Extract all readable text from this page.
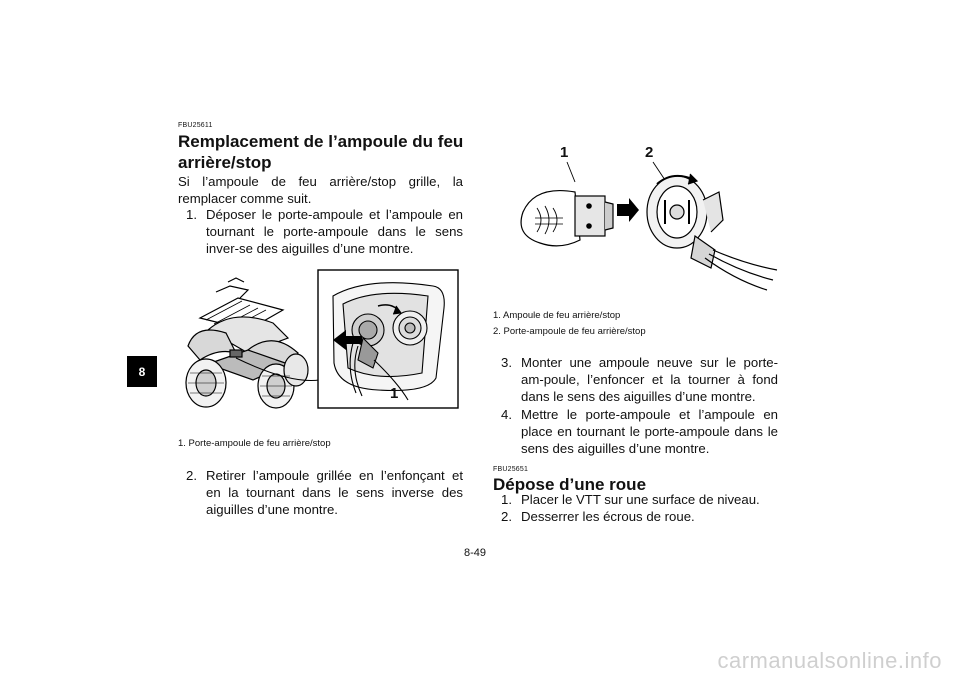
8
FBU25611
Remplacement de l’ampoule du feu
arrière/stop
Si l’ampoule de feu arrière/stop grille, la remplacer comme suit.
1. Déposer le porte-ampoule et l’ampoule en tournant le porte-ampoule dans le sens inver-se des aiguilles d’une montre.
1
1. Porte-ampoule de feu arrière/stop
2. Retirer l’ampoule grillée en l’enfonçant et en la tournant dans le sens inverse des aiguilles d’une montre.
1	2
1. Ampoule de feu arrière/stop
2. Porte-ampoule de feu arrière/stop
3. Monter une ampoule neuve sur le porte-am-poule, l’enfoncer et la tourner à fond dans le sens des aiguilles d’une montre.
4. Mettre le porte-ampoule et l’ampoule en place en tournant le porte-ampoule dans le sens des aiguilles d’une montre.
FBU25651
Dépose d’une roue
1. Placer le VTT sur une surface de niveau.
2. Desserrer les écrous de roue.
8-49
carmanualsonline.info
